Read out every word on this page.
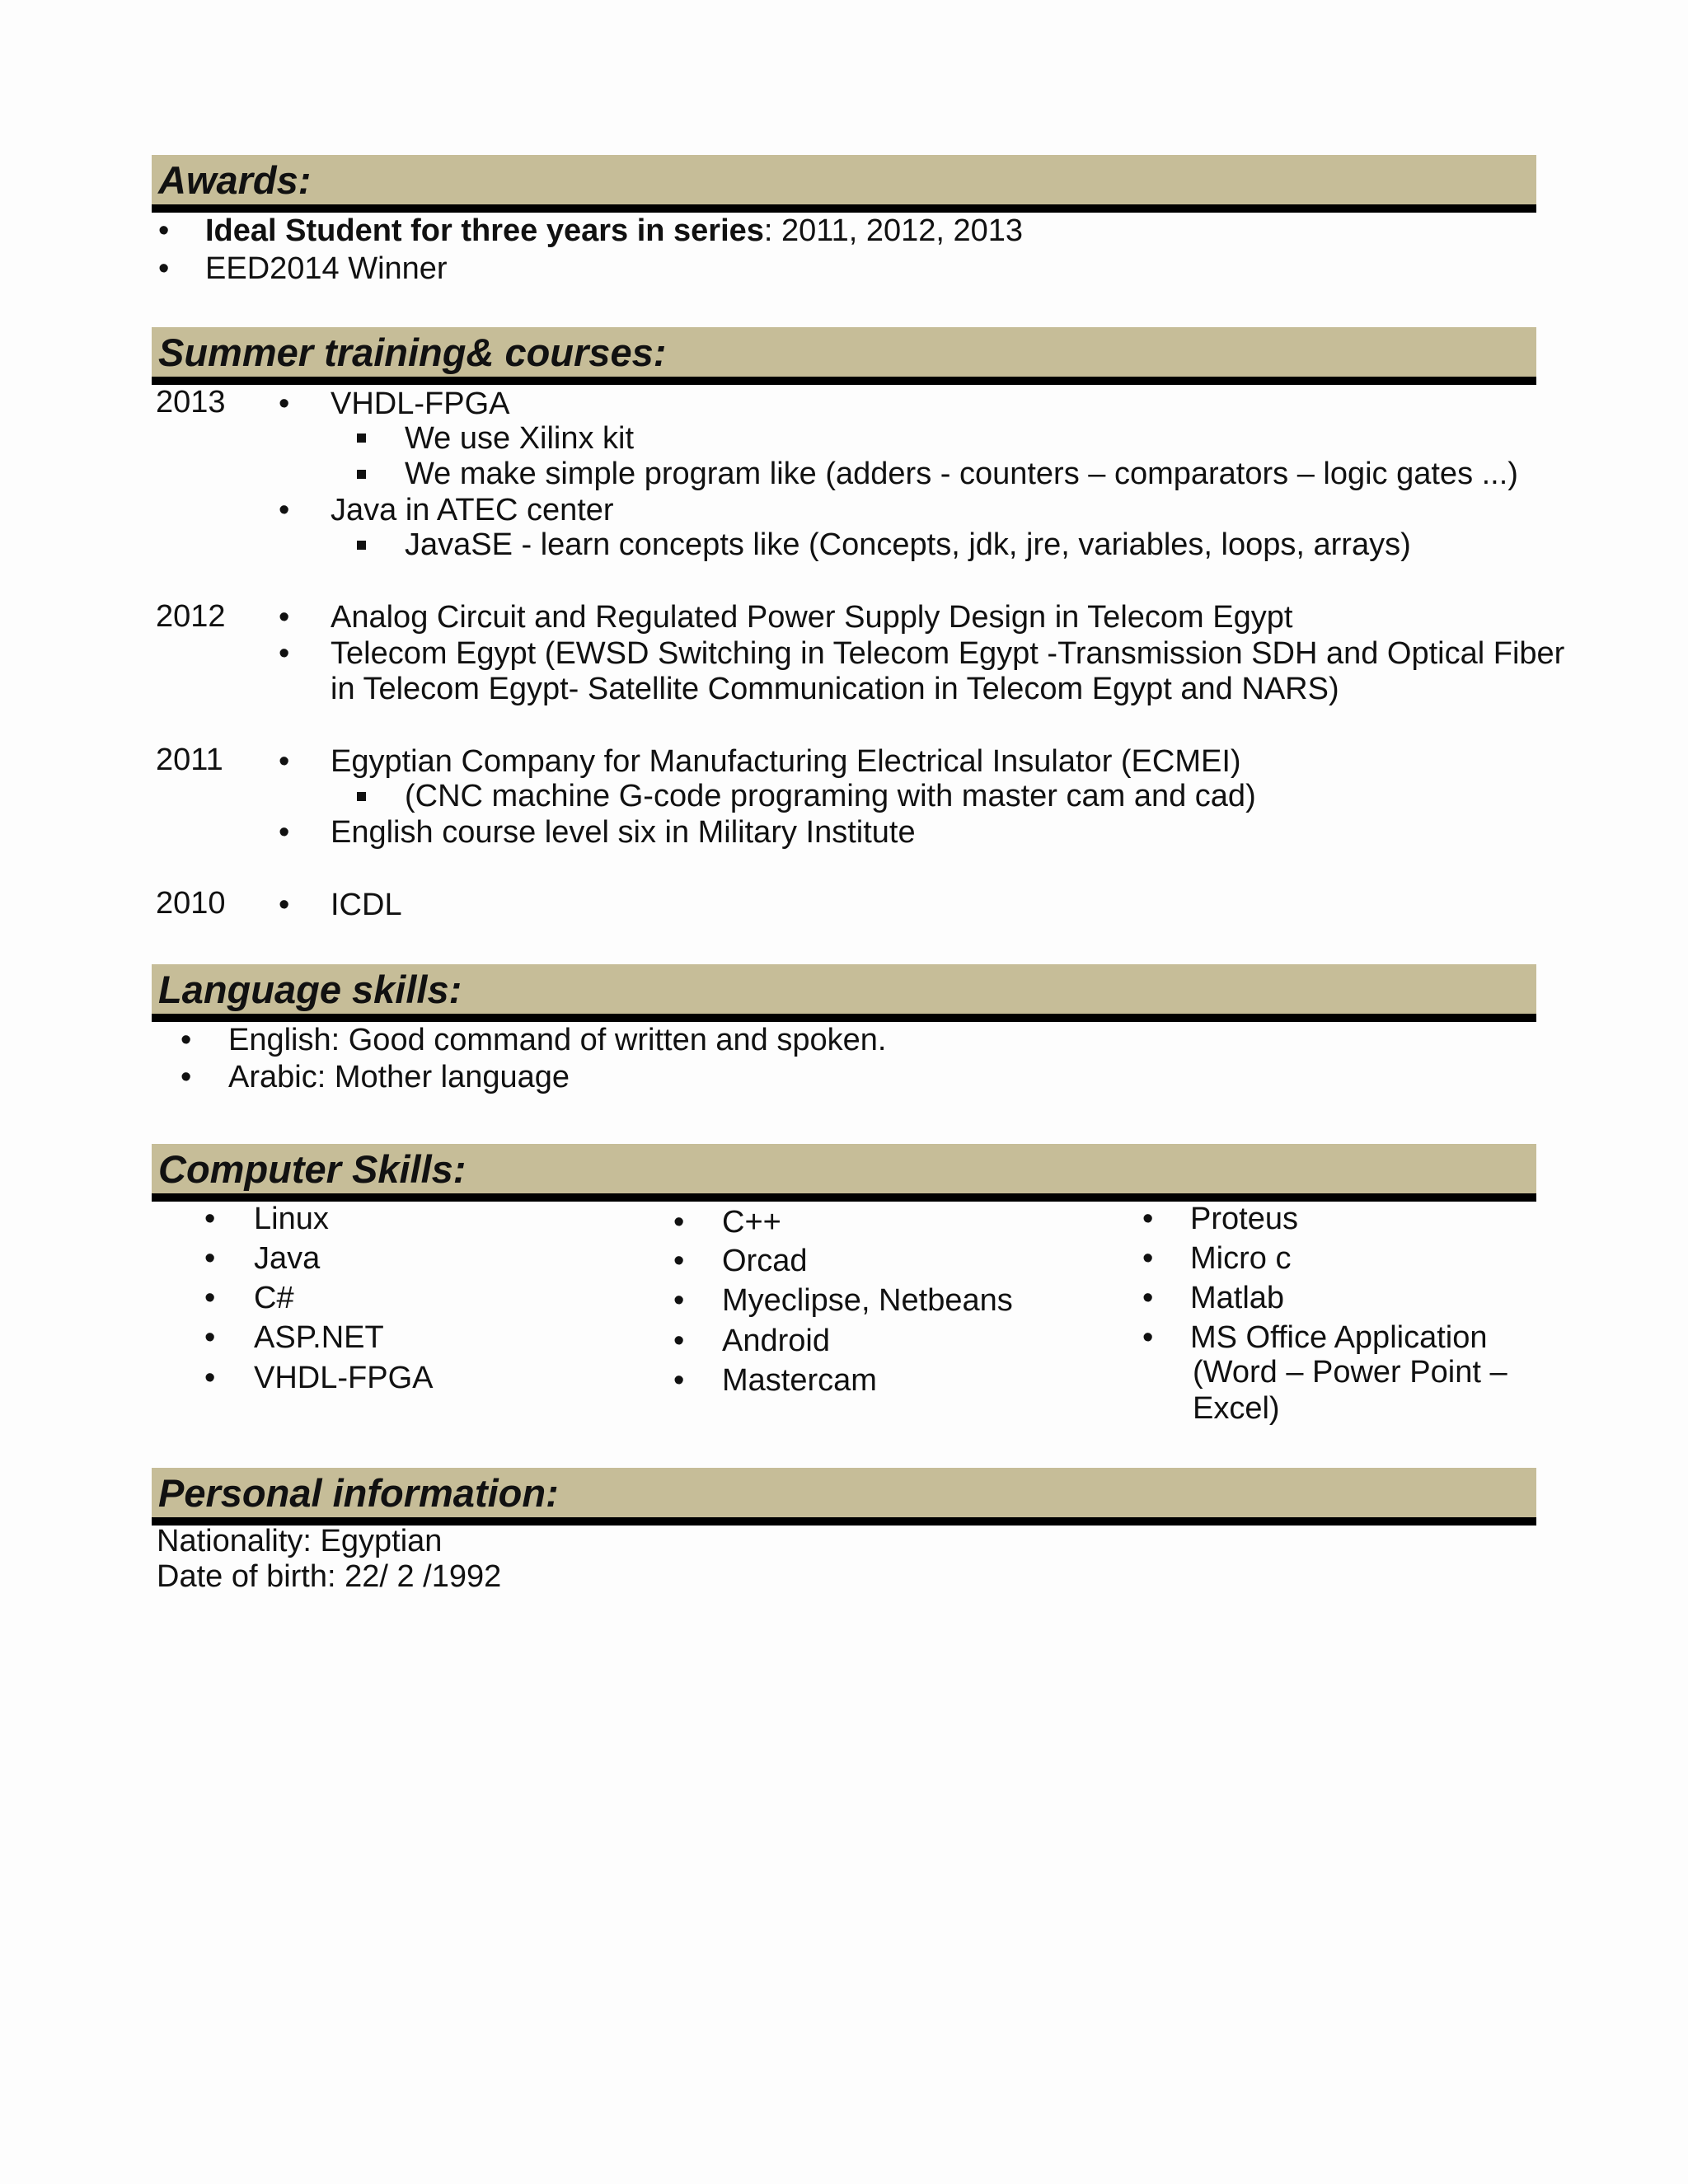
Awards:
• Ideal Student for three years in series: 2011, 2012, 2013
• EED2014 Winner
Summer training& courses:
2013 • VHDL-FPGA
We use Xilinx kit
We make simple program like (adders - counters – comparators – logic gates ...)
• Java in ATEC center
JavaSE - learn concepts like (Concepts, jdk, jre, variables, loops, arrays)
2012 • Analog Circuit and Regulated Power Supply Design in Telecom Egypt
• Telecom Egypt (EWSD Switching in Telecom Egypt -Transmission SDH and Optical Fiber
in Telecom Egypt- Satellite Communication in Telecom Egypt and NARS)
2011 • Egyptian Company for Manufacturing Electrical Insulator (ECMEI)
(CNC machine G-code programing with master cam and cad)
• English course level six in Military Institute
2010 • ICDL
Language skills:
• English: Good command of written and spoken.
• Arabic: Mother language
Computer Skills:
• Linux
• Java
• C#
• ASP.NET
• VHDL-FPGA
• C++
• Orcad
• Myeclipse, Netbeans
• Android
• Mastercam
• Proteus
• Micro c
• Matlab
• MS Office Application
(Word – Power Point –
Excel)
Personal information:
Nationality: Egyptian
Date of birth: 22/ 2 /1992
